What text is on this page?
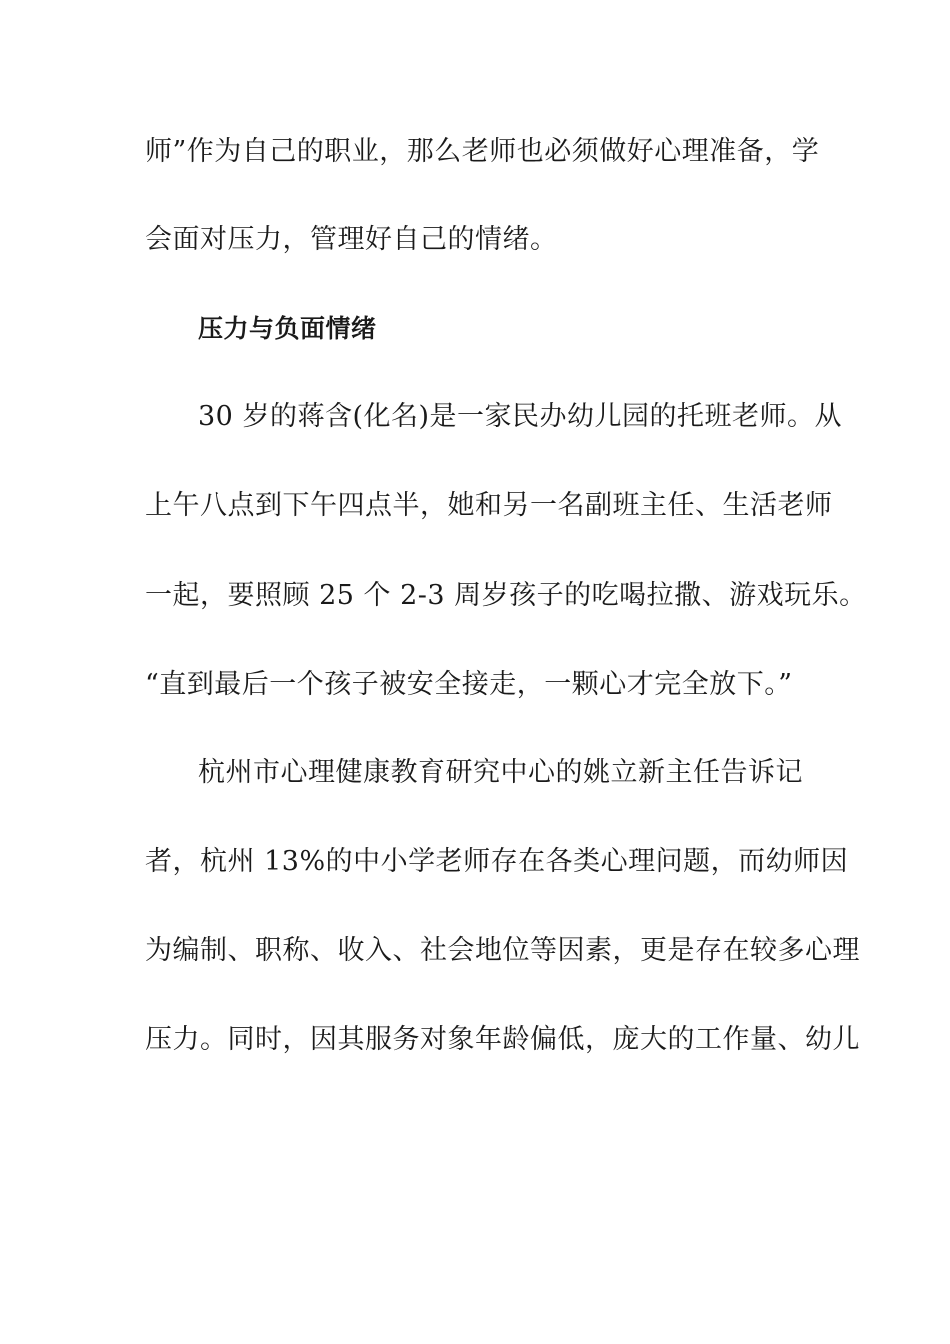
师”作为自己的职业，那么老师也必须做好心理准备，学
会面对压力，管理好自己的情绪。
压力与负面情绪
30 岁的蒋含(化名)是一家民办幼儿园的托班老师。从
上午八点到下午四点半，她和另一名副班主任、生活老师
一起，要照顾 25 个 2-3 周岁孩子的吃喝拉撒、游戏玩乐。
“直到最后一个孩子被安全接走，一颗心才完全放下。”
杭州市心理健康教育研究中心的姚立新主任告诉记
者，杭州 13%的中小学老师存在各类心理问题，而幼师因
为编制、职称、收入、社会地位等因素，更是存在较多心理
压力。同时，因其服务对象年龄偏低，庞大的工作量、幼儿
